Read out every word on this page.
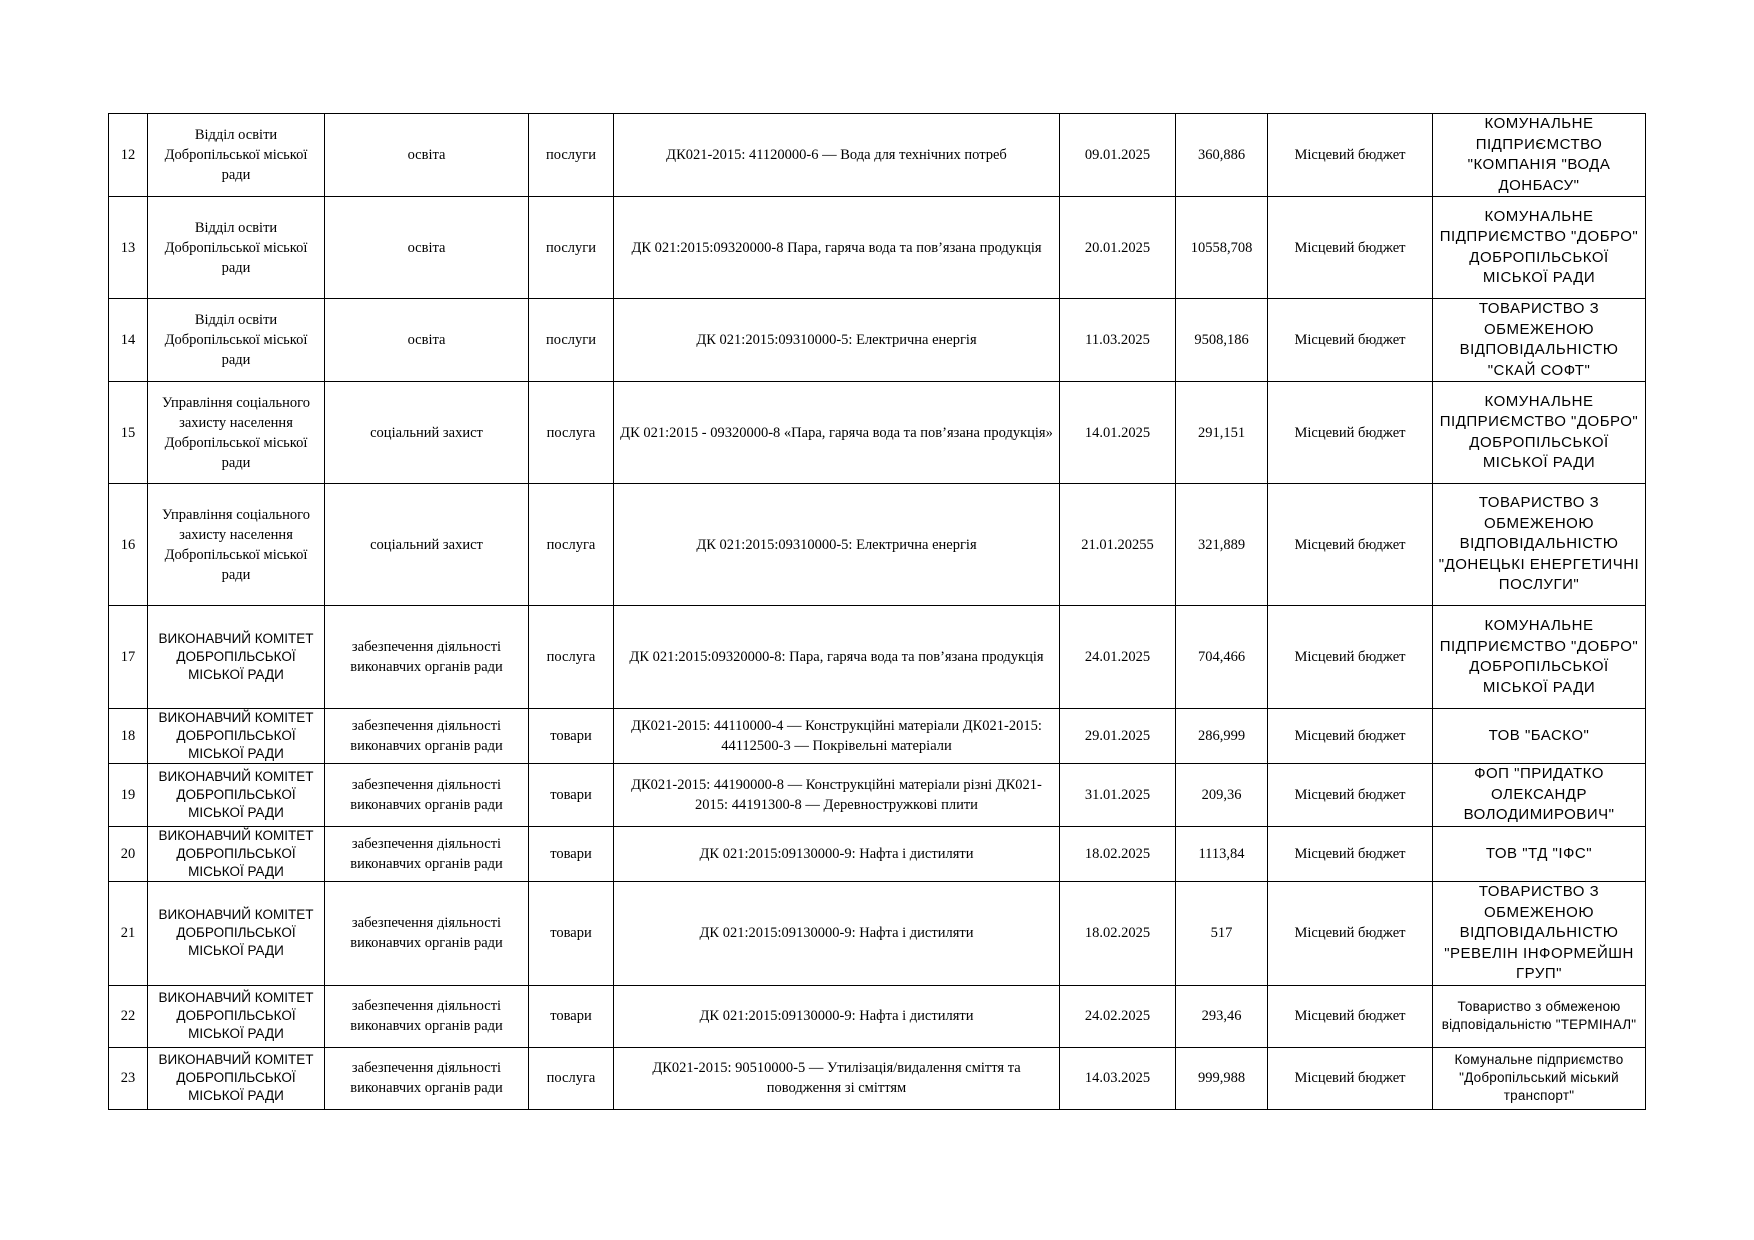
12	Відділ освіти Добропільської міської ради	освіта	послуги	ДК021-2015: 41120000-6 — Вода для технічних потреб	09.01.2025	360,886	Місцевий бюджет	КОМУНАЛЬНЕ ПІДПРИЄМСТВО "КОМПАНІЯ "ВОДА ДОНБАСУ"
13	Відділ освіти Добропільської міської ради	освіта	послуги	ДК 021:2015:09320000-8 Пара, гаряча вода та пов’язана продукція	20.01.2025	10558,708	Місцевий бюджет	КОМУНАЛЬНЕ ПІДПРИЄМСТВО "ДОБРО" ДОБРОПІЛЬСЬКОЇ МІСЬКОЇ РАДИ
14	Відділ освіти Добропільської міської ради	освіта	послуги	ДК 021:2015:09310000-5: Електрична енергія	11.03.2025	9508,186	Місцевий бюджет	ТОВАРИСТВО З ОБМЕЖЕНОЮ ВІДПОВІДАЛЬНІСТЮ "СКАЙ СОФТ"
15	Управління соціального захисту населення Добропільської міської ради	соціальний захист	послуга	ДК 021:2015 - 09320000-8 «Пара, гаряча вода та пов’язана продукція»	14.01.2025	291,151	Місцевий бюджет	КОМУНАЛЬНЕ ПІДПРИЄМСТВО "ДОБРО" ДОБРОПІЛЬСЬКОЇ МІСЬКОЇ РАДИ
16	Управління соціального захисту населення Добропільської міської ради	соціальний захист	послуга	ДК 021:2015:09310000-5: Електрична енергія	21.01.20255	321,889	Місцевий бюджет	ТОВАРИСТВО З ОБМЕЖЕНОЮ ВІДПОВІДАЛЬНІСТЮ "ДОНЕЦЬКІ ЕНЕРГЕТИЧНІ ПОСЛУГИ"
17	ВИКОНАВЧИЙ КОМІТЕТ ДОБРОПІЛЬСЬКОЇ МІСЬКОЇ РАДИ	забезпечення діяльності виконавчих органів ради	послуга	ДК 021:2015:09320000-8: Пара, гаряча вода та пов’язана продукція	24.01.2025	704,466	Місцевий бюджет	КОМУНАЛЬНЕ ПІДПРИЄМСТВО "ДОБРО" ДОБРОПІЛЬСЬКОЇ МІСЬКОЇ РАДИ
18	ВИКОНАВЧИЙ КОМІТЕТ ДОБРОПІЛЬСЬКОЇ МІСЬКОЇ РАДИ	забезпечення діяльності виконавчих органів ради	товари	ДК021-2015: 44110000-4 — Конструкційні матеріали ДК021-2015: 44112500-3 — Покрівельні матеріали	29.01.2025	286,999	Місцевий бюджет	ТОВ "БАСКО"
19	ВИКОНАВЧИЙ КОМІТЕТ ДОБРОПІЛЬСЬКОЇ МІСЬКОЇ РАДИ	забезпечення діяльності виконавчих органів ради	товари	ДК021-2015: 44190000-8 — Конструкційні матеріали різні ДК021-2015: 44191300-8 — Деревностружкові плити	31.01.2025	209,36	Місцевий бюджет	ФОП "ПРИДАТКО ОЛЕКСАНДР ВОЛОДИМИРОВИЧ"
20	ВИКОНАВЧИЙ КОМІТЕТ ДОБРОПІЛЬСЬКОЇ МІСЬКОЇ РАДИ	забезпечення діяльності виконавчих органів ради	товари	ДК 021:2015:09130000-9: Нафта і дистиляти	18.02.2025	1113,84	Місцевий бюджет	ТОВ "ТД "ІФС"
21	ВИКОНАВЧИЙ КОМІТЕТ ДОБРОПІЛЬСЬКОЇ МІСЬКОЇ РАДИ	забезпечення діяльності виконавчих органів ради	товари	ДК 021:2015:09130000-9: Нафта і дистиляти	18.02.2025	517	Місцевий бюджет	ТОВАРИСТВО З ОБМЕЖЕНОЮ ВІДПОВІДАЛЬНІСТЮ "РЕВЕЛІН ІНФОРМЕЙШН ГРУП"
22	ВИКОНАВЧИЙ КОМІТЕТ ДОБРОПІЛЬСЬКОЇ МІСЬКОЇ РАДИ	забезпечення діяльності виконавчих органів ради	товари	ДК 021:2015:09130000-9: Нафта і дистиляти	24.02.2025	293,46	Місцевий бюджет	Товариство з обмеженою відповідальністю "ТЕРМІНАЛ"
23	ВИКОНАВЧИЙ КОМІТЕТ ДОБРОПІЛЬСЬКОЇ МІСЬКОЇ РАДИ	забезпечення діяльності виконавчих органів ради	послуга	ДК021-2015: 90510000-5 — Утилізація/видалення сміття та поводження зі сміттям	14.03.2025	999,988	Місцевий бюджет	Комунальне підприємство "Добропільський міський транспорт"
